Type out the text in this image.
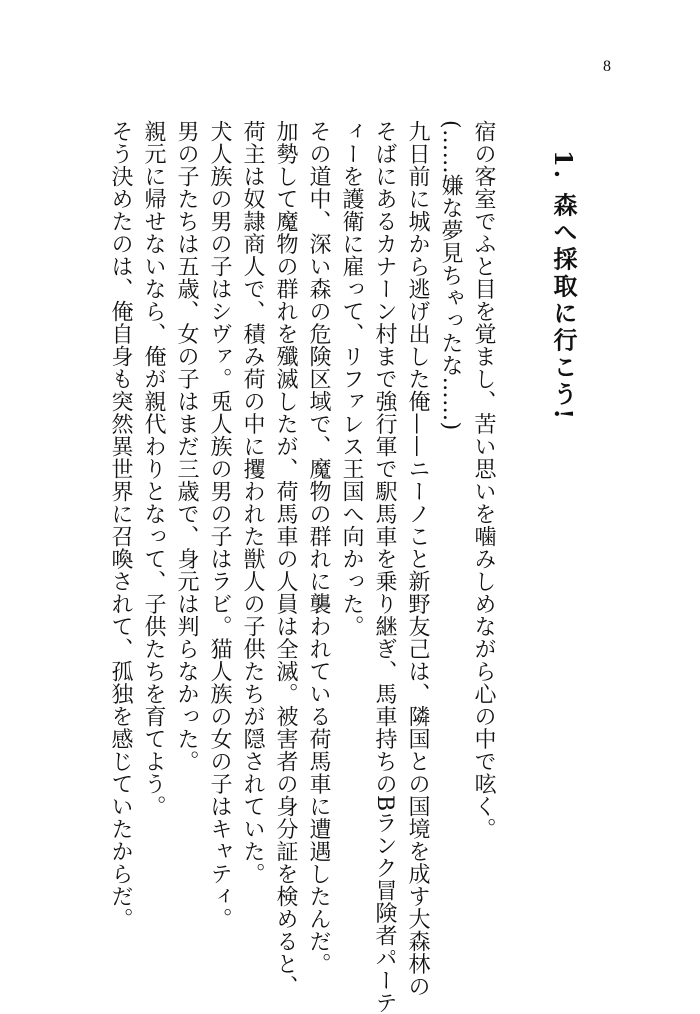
8
1. 森へ採取に行こう!

宿の客室でふと目を覚まし、苦い思いを噛みしめながら心の中で呟く。

(……嫌な夢見ちゃったな……)

九日前に城から逃げ出した俺——ニーノこと新野友己は、隣国との国境を成す大森林の

そばにあるカナーン村まで強行軍で駅馬車を乗り継ぎ、馬車持ちのBランク冒険者パーテ

ィーを護衛に雇って、リファレス王国へ向かった。

その道中、深い森の危険区域で、魔物の群れに襲われている荷馬車に遭遇したんだ。

加勢して魔物の群れを殲滅したが、荷馬車の人員は全滅。被害者の身分証を検めると、

荷主は奴隷商人で、積み荷の中に攫われた獣人の子供たちが隠されていた。

犬人族の男の子はシヴァ。兎人族の男の子はラビ。猫人族の女の子はキャティ。

男の子たちは五歳、女の子はまだ三歳で、身元は判らなかった。

親元に帰せないなら、俺が親代わりとなって、子供たちを育てよう。

そう決めたのは、俺自身も突然異世界に召喚されて、孤独を感じていたからだ。
